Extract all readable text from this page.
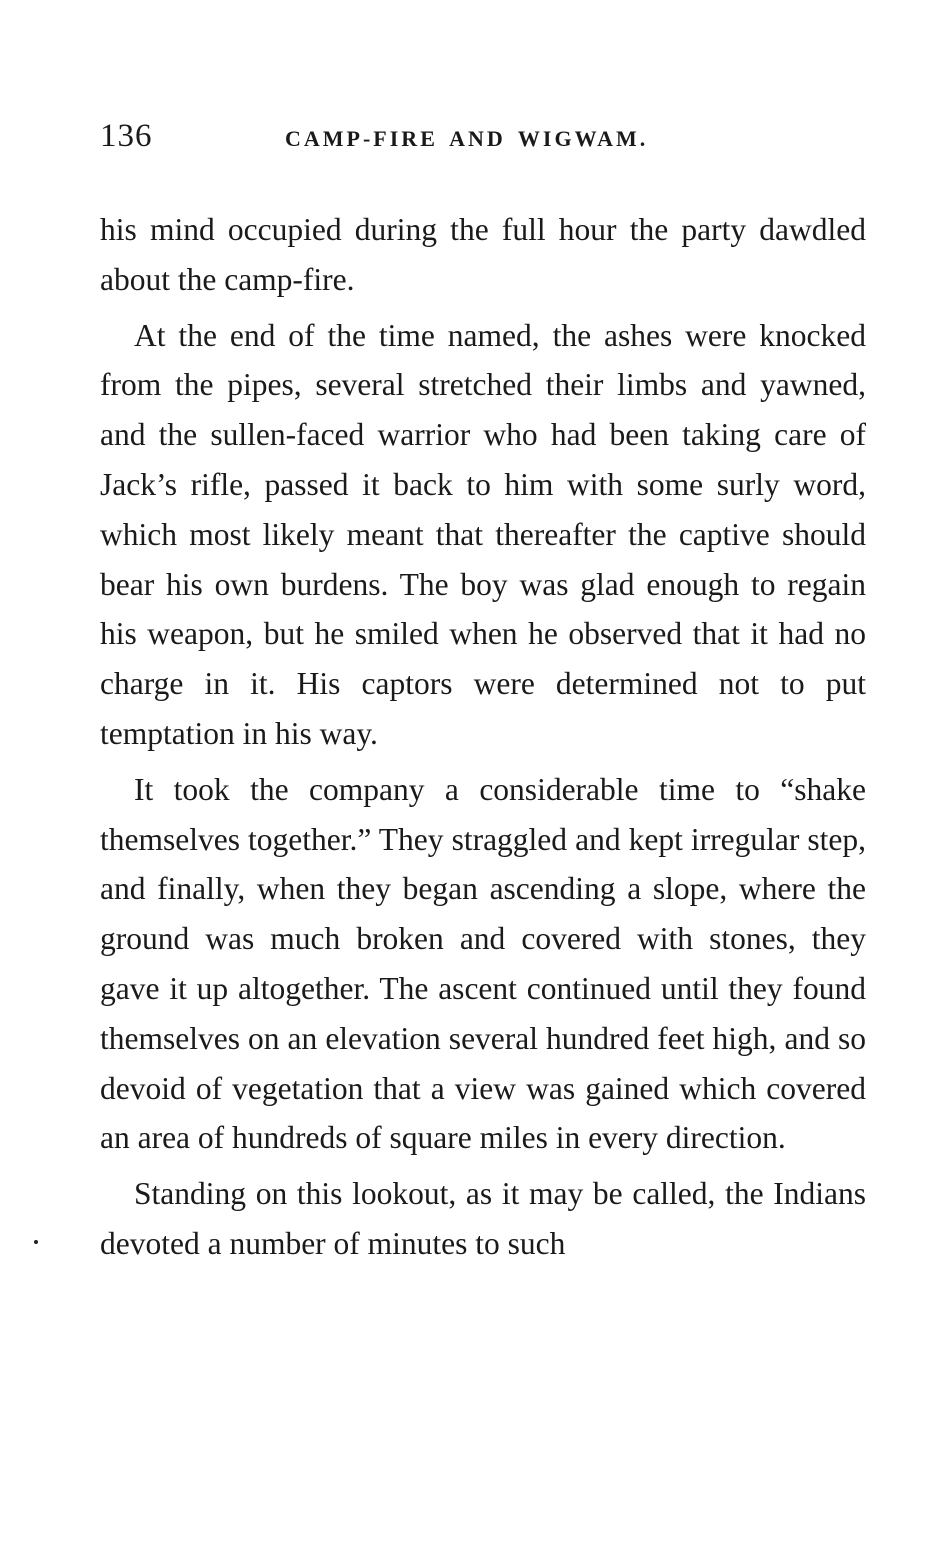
136	CAMP-FIRE AND WIGWAM.

his mind occupied during the full hour the party dawdled about the camp-fire.

At the end of the time named, the ashes were knocked from the pipes, several stretched their limbs and yawned, and the sullen-faced warrior who had been taking care of Jack’s rifle, passed it back to him with some surly word, which most likely meant that thereafter the captive should bear his own burdens. The boy was glad enough to regain his weapon, but he smiled when he observed that it had no charge in it. His captors were determined not to put temptation in his way.

It took the company a considerable time to “shake themselves together.” They straggled and kept irregular step, and finally, when they began ascending a slope, where the ground was much broken and covered with stones, they gave it up altogether. The ascent continued until they found themselves on an elevation several hundred feet high, and so devoid of vegetation that a view was gained which covered an area of hundreds of square miles in every direction.

Standing on this lookout, as it may be called, the Indians devoted a number of minutes to such
